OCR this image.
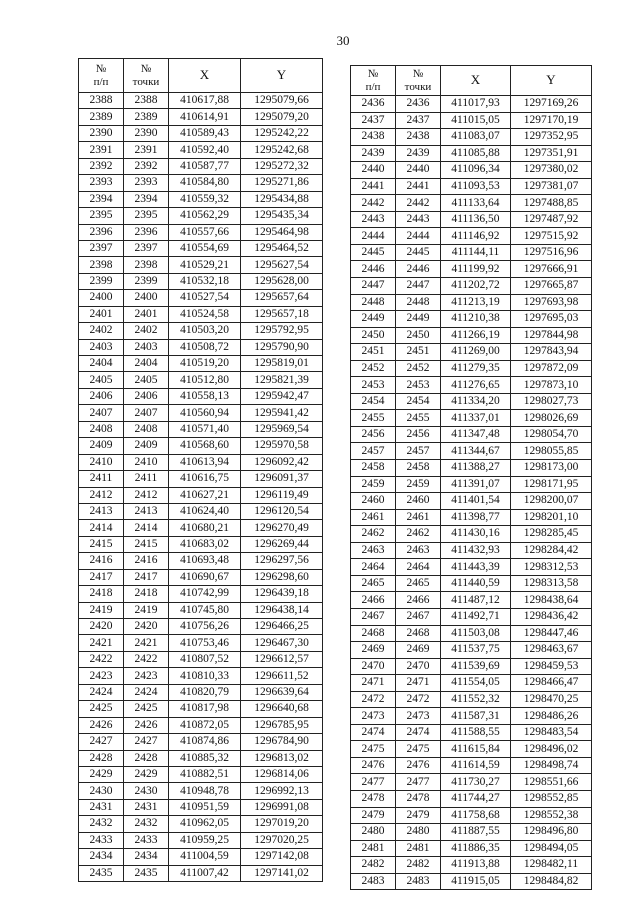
30
№
п/п	№
точки	X	Y
2388	2388	410617,88	1295079,66
2389	2389	410614,91	1295079,20
2390	2390	410589,43	1295242,22
2391	2391	410592,40	1295242,68
2392	2392	410587,77	1295272,32
2393	2393	410584,80	1295271,86
2394	2394	410559,32	1295434,88
2395	2395	410562,29	1295435,34
2396	2396	410557,66	1295464,98
2397	2397	410554,69	1295464,52
2398	2398	410529,21	1295627,54
2399	2399	410532,18	1295628,00
2400	2400	410527,54	1295657,64
2401	2401	410524,58	1295657,18
2402	2402	410503,20	1295792,95
2403	2403	410508,72	1295790,90
2404	2404	410519,20	1295819,01
2405	2405	410512,80	1295821,39
2406	2406	410558,13	1295942,47
2407	2407	410560,94	1295941,42
2408	2408	410571,40	1295969,54
2409	2409	410568,60	1295970,58
2410	2410	410613,94	1296092,42
2411	2411	410616,75	1296091,37
2412	2412	410627,21	1296119,49
2413	2413	410624,40	1296120,54
2414	2414	410680,21	1296270,49
2415	2415	410683,02	1296269,44
2416	2416	410693,48	1296297,56
2417	2417	410690,67	1296298,60
2418	2418	410742,99	1296439,18
2419	2419	410745,80	1296438,14
2420	2420	410756,26	1296466,25
2421	2421	410753,46	1296467,30
2422	2422	410807,52	1296612,57
2423	2423	410810,33	1296611,52
2424	2424	410820,79	1296639,64
2425	2425	410817,98	1296640,68
2426	2426	410872,05	1296785,95
2427	2427	410874,86	1296784,90
2428	2428	410885,32	1296813,02
2429	2429	410882,51	1296814,06
2430	2430	410948,78	1296992,13
2431	2431	410951,59	1296991,08
2432	2432	410962,05	1297019,20
2433	2433	410959,25	1297020,25
2434	2434	411004,59	1297142,08
2435	2435	411007,42	1297141,02
№
п/п	№
точки	X	Y
2436	2436	411017,93	1297169,26
2437	2437	411015,05	1297170,19
2438	2438	411083,07	1297352,95
2439	2439	411085,88	1297351,91
2440	2440	411096,34	1297380,02
2441	2441	411093,53	1297381,07
2442	2442	411133,64	1297488,85
2443	2443	411136,50	1297487,92
2444	2444	411146,92	1297515,92
2445	2445	411144,11	1297516,96
2446	2446	411199,92	1297666,91
2447	2447	411202,72	1297665,87
2448	2448	411213,19	1297693,98
2449	2449	411210,38	1297695,03
2450	2450	411266,19	1297844,98
2451	2451	411269,00	1297843,94
2452	2452	411279,35	1297872,09
2453	2453	411276,65	1297873,10
2454	2454	411334,20	1298027,73
2455	2455	411337,01	1298026,69
2456	2456	411347,48	1298054,70
2457	2457	411344,67	1298055,85
2458	2458	411388,27	1298173,00
2459	2459	411391,07	1298171,95
2460	2460	411401,54	1298200,07
2461	2461	411398,77	1298201,10
2462	2462	411430,16	1298285,45
2463	2463	411432,93	1298284,42
2464	2464	411443,39	1298312,53
2465	2465	411440,59	1298313,58
2466	2466	411487,12	1298438,64
2467	2467	411492,71	1298436,42
2468	2468	411503,08	1298447,46
2469	2469	411537,75	1298463,67
2470	2470	411539,69	1298459,53
2471	2471	411554,05	1298466,47
2472	2472	411552,32	1298470,25
2473	2473	411587,31	1298486,26
2474	2474	411588,55	1298483,54
2475	2475	411615,84	1298496,02
2476	2476	411614,59	1298498,74
2477	2477	411730,27	1298551,66
2478	2478	411744,27	1298552,85
2479	2479	411758,68	1298552,38
2480	2480	411887,55	1298496,80
2481	2481	411886,35	1298494,05
2482	2482	411913,88	1298482,11
2483	2483	411915,05	1298484,82
